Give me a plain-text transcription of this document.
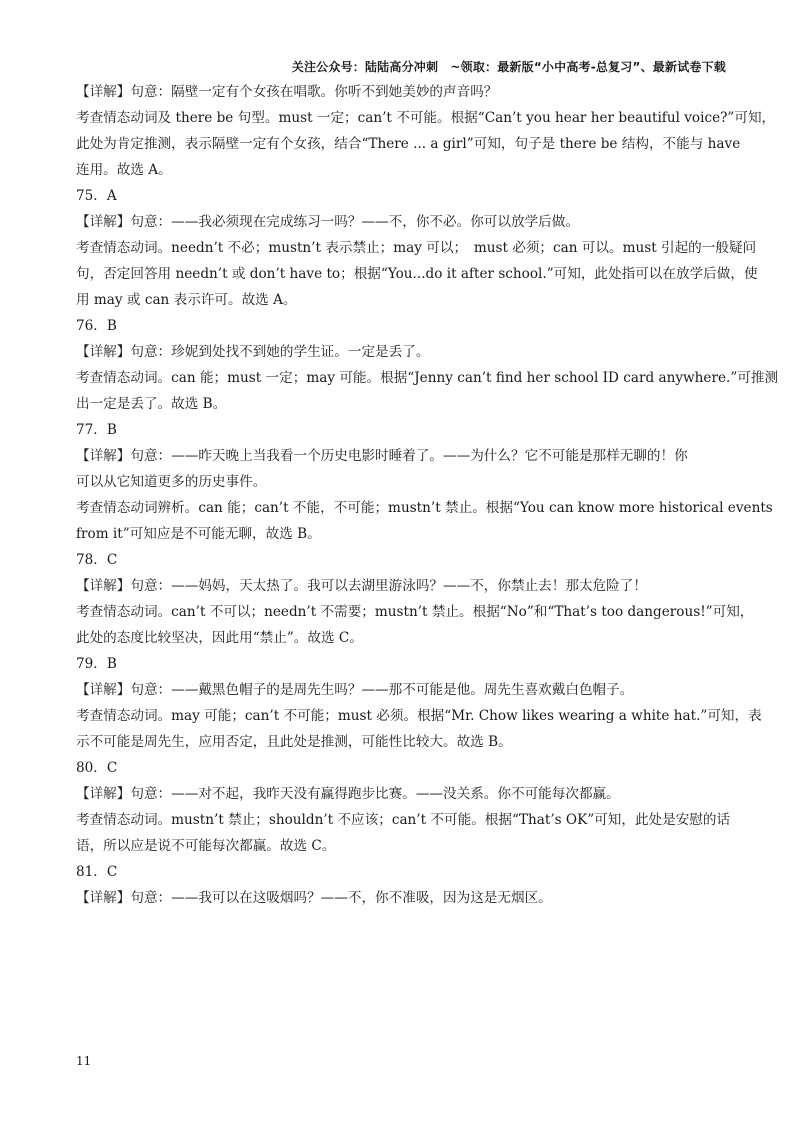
关注公众号：陆陆高分冲刺　~领取：最新版“小中高考-总复习”、最新试卷下载

【详解】句意：隔壁一定有个女孩在唱歌。你听不到她美妙的声音吗？

考查情态动词及 there be 句型。must 一定；can’t 不可能。根据“Can’t you hear her beautiful voice?”可知，

此处为肯定推测，表示隔壁一定有个女孩，结合“There ... a girl”可知，句子是 there be 结构，不能与 have

连用。故选 A。

75．A

【详解】句意：——我必须现在完成练习一吗？——不，你不必。你可以放学后做。

考查情态动词。needn’t 不必；mustn’t 表示禁止；may 可以；　must 必须；can 可以。must 引起的一般疑问

句，否定回答用 needn’t 或 don’t have to；根据“You...do it after school.”可知，此处指可以在放学后做，使

用 may 或 can 表示许可。故选 A。

76．B

【详解】句意：珍妮到处找不到她的学生证。一定是丢了。

考查情态动词。can 能；must 一定；may 可能。根据“Jenny can’t find her school ID card anywhere.”可推测

出一定是丢了。故选 B。

77．B

【详解】句意：——昨天晚上当我看一个历史电影时睡着了。——为什么？它不可能是那样无聊的！你

可以从它知道更多的历史事件。

考查情态动词辨析。can 能；can’t 不能，不可能；mustn’t 禁止。根据“You can know more historical events

from it”可知应是不可能无聊，故选 B。

78．C

【详解】句意：——妈妈，天太热了。我可以去湖里游泳吗？——不，你禁止去！那太危险了！

考查情态动词。can’t 不可以；needn’t 不需要；mustn’t 禁止。根据“No”和“That’s too dangerous!”可知，

此处的态度比较坚决，因此用“禁止”。故选 C。

79．B

【详解】句意：——戴黑色帽子的是周先生吗？——那不可能是他。周先生喜欢戴白色帽子。

考查情态动词。may 可能；can’t 不可能；must 必须。根据“Mr. Chow likes wearing a white hat.”可知，表

示不可能是周先生，应用否定，且此处是推测，可能性比较大。故选 B。

80．C

【详解】句意：——对不起，我昨天没有赢得跑步比赛。——没关系。你不可能每次都赢。

考查情态动词。mustn’t 禁止；shouldn’t 不应该；can’t 不可能。根据“That’s OK”可知，此处是安慰的话

语，所以应是说不可能每次都赢。故选 C。

81．C

【详解】句意：——我可以在这吸烟吗？——不，你不准吸，因为这是无烟区。

11
